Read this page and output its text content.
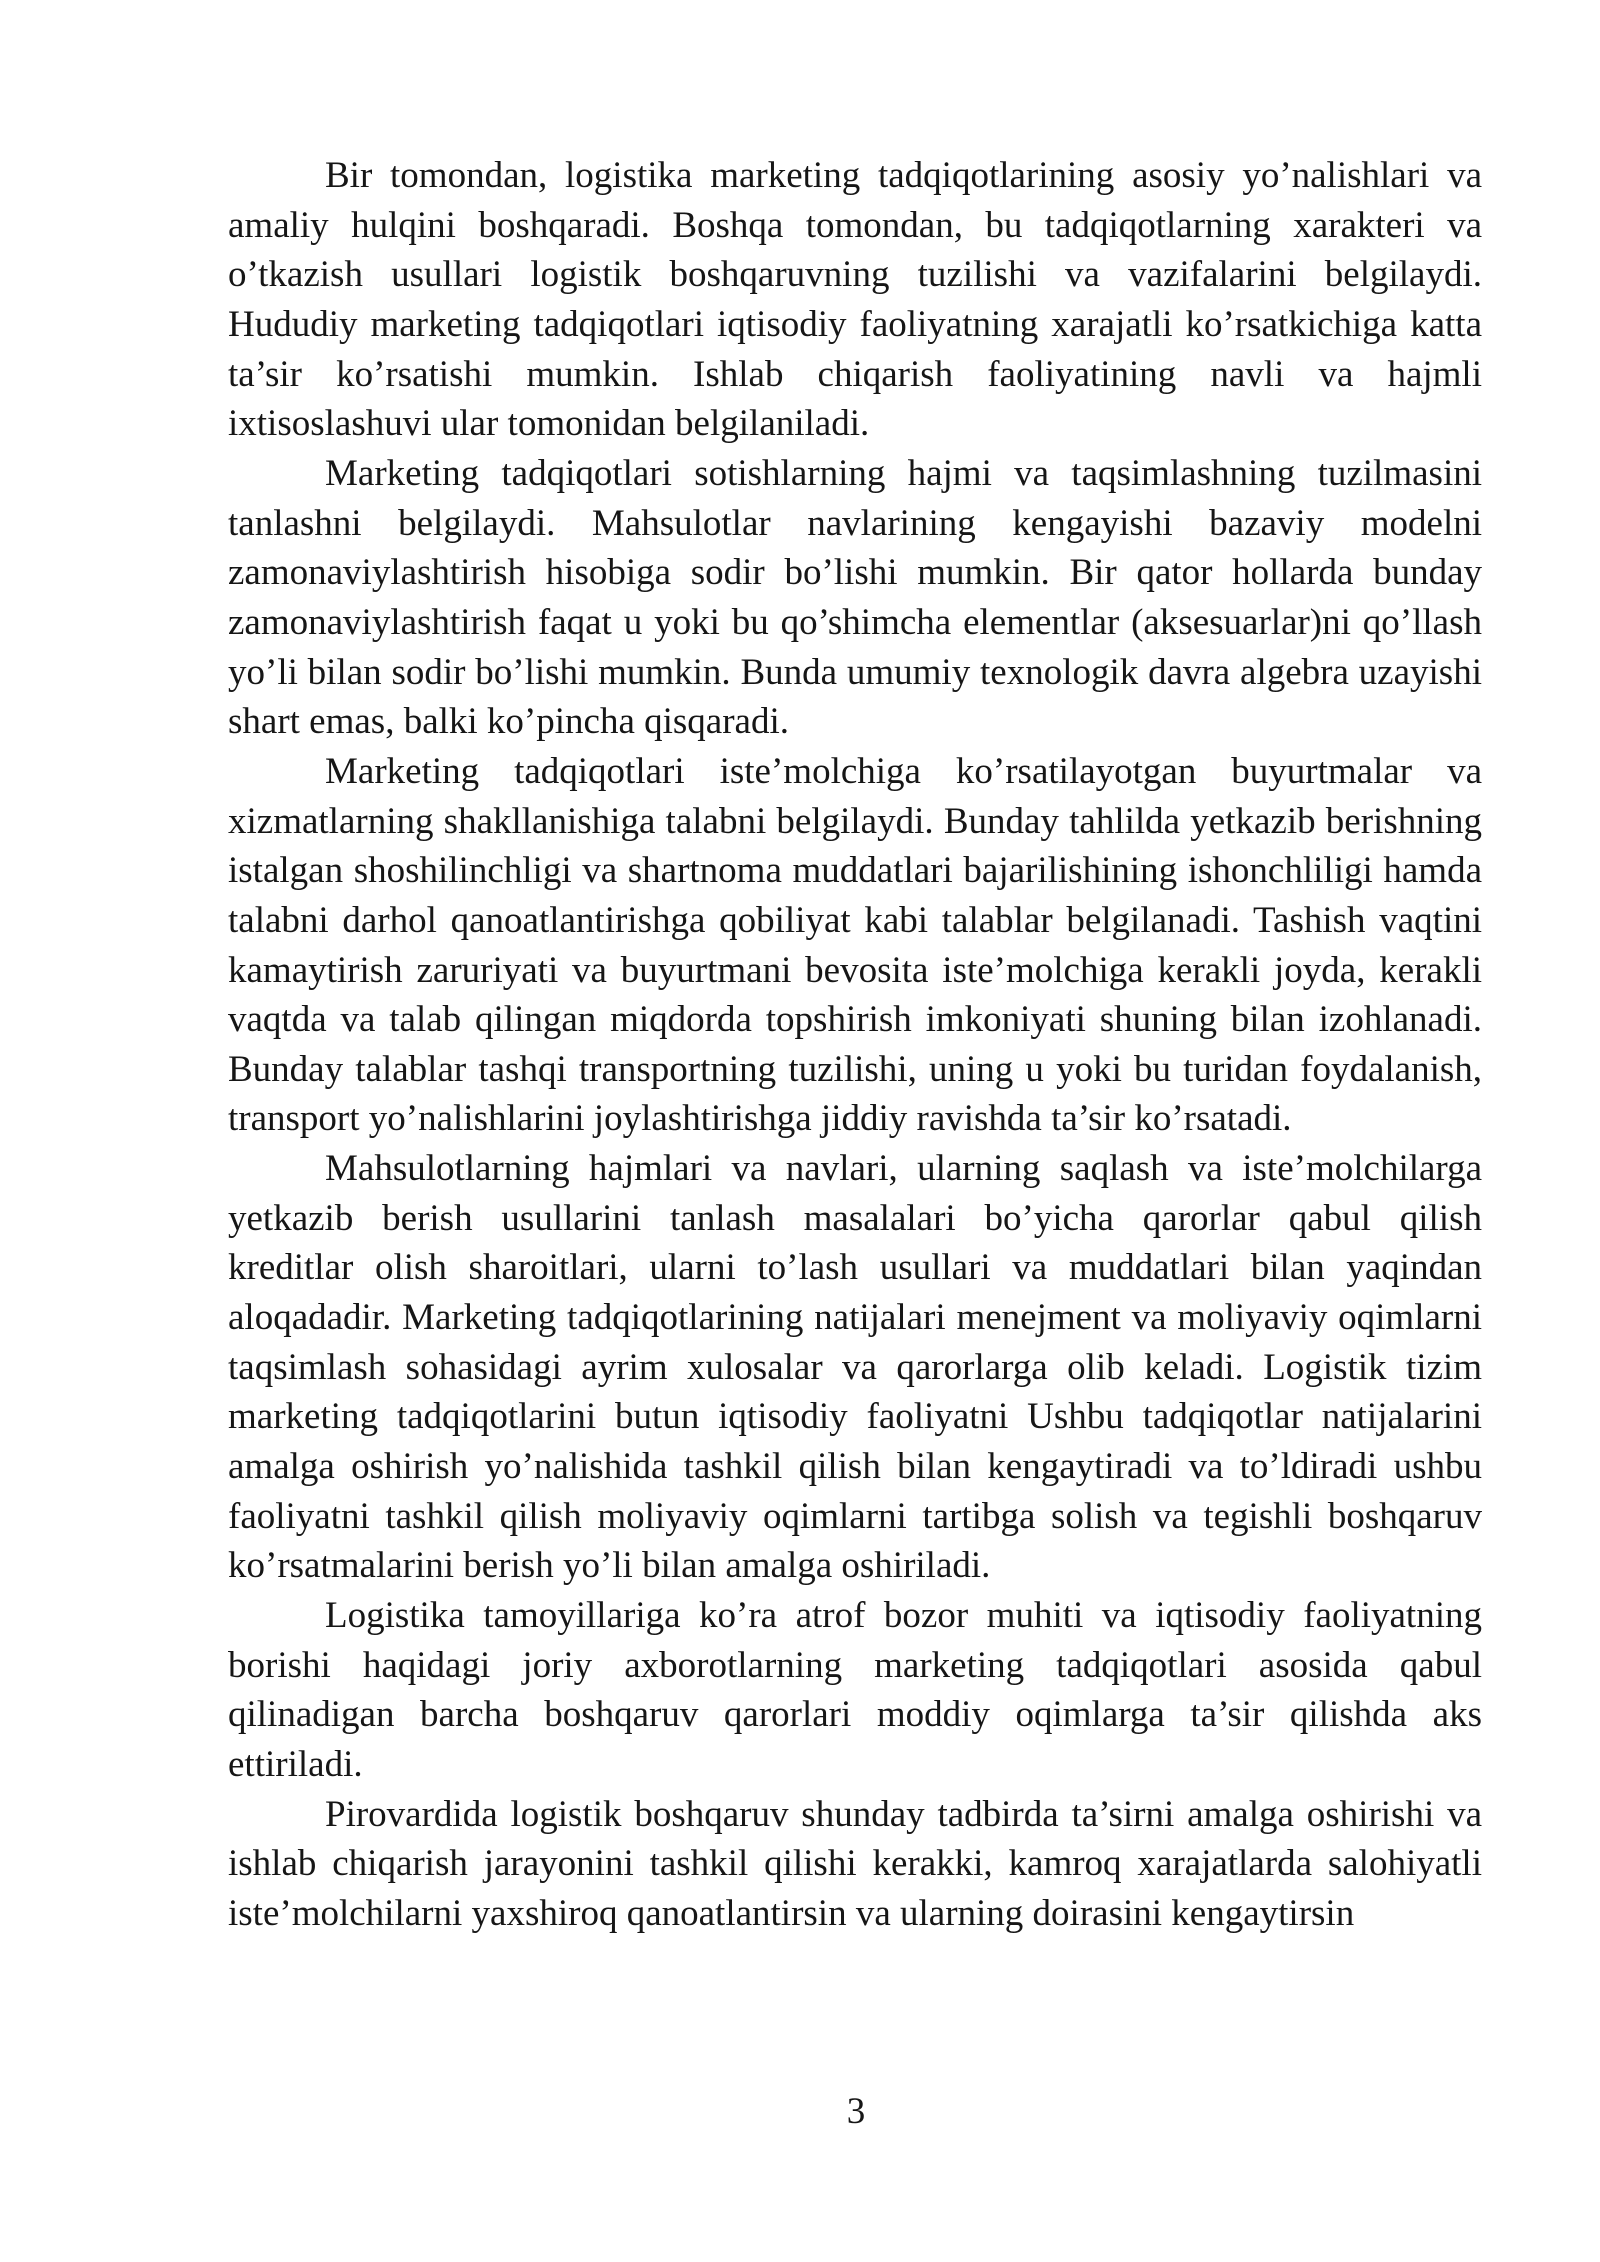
Bir tomondan, logistika marketing tadqiqotlarining asosiy yo’nalishlari va
amaliy hulqini boshqaradi. Boshqa tomondan, bu tadqiqotlarning xarakteri va
o’tkazish usullari logistik boshqaruvning tuzilishi va vazifalarini belgilaydi.
Hududiy marketing tadqiqotlari iqtisodiy faoliyatning xarajatli ko’rsatkichiga katta
ta’sir ko’rsatishi mumkin. Ishlab chiqarish faoliyatining navli va hajmli
ixtisoslashuvi ular tomonidan belgilaniladi.
Marketing tadqiqotlari sotishlarning hajmi va taqsimlashning tuzilmasini
tanlashni belgilaydi. Mahsulotlar navlarining kengayishi bazaviy modelni
zamonaviylashtirish hisobiga sodir bo’lishi mumkin. Bir qator hollarda bunday
zamonaviylashtirish faqat u yoki bu qo’shimcha elementlar (aksesuarlar)ni qo’llash
yo’li bilan sodir bo’lishi mumkin. Bunda umumiy texnologik davra algebra uzayishi
shart emas, balki ko’pincha qisqaradi.
Marketing tadqiqotlari iste’molchiga ko’rsatilayotgan buyurtmalar va
xizmatlarning shakllanishiga talabni belgilaydi. Bunday tahlilda yetkazib berishning
istalgan shoshilinchligi va shartnoma muddatlari bajarilishining ishonchliligi hamda
talabni darhol qanoatlantirishga qobiliyat kabi talablar belgilanadi. Tashish vaqtini
kamaytirish zaruriyati va buyurtmani bevosita iste’molchiga kerakli joyda, kerakli
vaqtda va talab qilingan miqdorda topshirish imkoniyati shuning bilan izohlanadi.
Bunday talablar tashqi transportning tuzilishi, uning u yoki bu turidan foydalanish,
transport yo’nalishlarini joylashtirishga jiddiy ravishda ta’sir ko’rsatadi.
Mahsulotlarning hajmlari va navlari, ularning saqlash va iste’molchilarga
yetkazib berish usullarini tanlash masalalari bo’yicha qarorlar qabul qilish
kreditlar olish sharoitlari, ularni to’lash usullari va muddatlari bilan yaqindan
aloqadadir. Marketing tadqiqotlarining natijalari menejment va moliyaviy oqimlarni
taqsimlash sohasidagi ayrim xulosalar va qarorlarga olib keladi. Logistik tizim
marketing tadqiqotlarini butun iqtisodiy faoliyatni Ushbu tadqiqotlar natijalarini
amalga oshirish yo’nalishida tashkil qilish bilan kengaytiradi va to’ldiradi ushbu
faoliyatni tashkil qilish moliyaviy oqimlarni tartibga solish va tegishli boshqaruv
ko’rsatmalarini berish yo’li bilan amalga oshiriladi.
Logistika tamoyillariga ko’ra atrof bozor muhiti va iqtisodiy faoliyatning
borishi haqidagi joriy axborotlarning marketing tadqiqotlari asosida qabul
qilinadigan barcha boshqaruv qarorlari moddiy oqimlarga ta’sir qilishda aks
ettiriladi.
Pirovardida logistik boshqaruv shunday tadbirda ta’sirni amalga oshirishi va
ishlab chiqarish jarayonini tashkil qilishi kerakki, kamroq xarajatlarda salohiyatli
iste’molchilarni yaxshiroq qanoatlantirsin va ularning doirasini kengaytirsin
3
